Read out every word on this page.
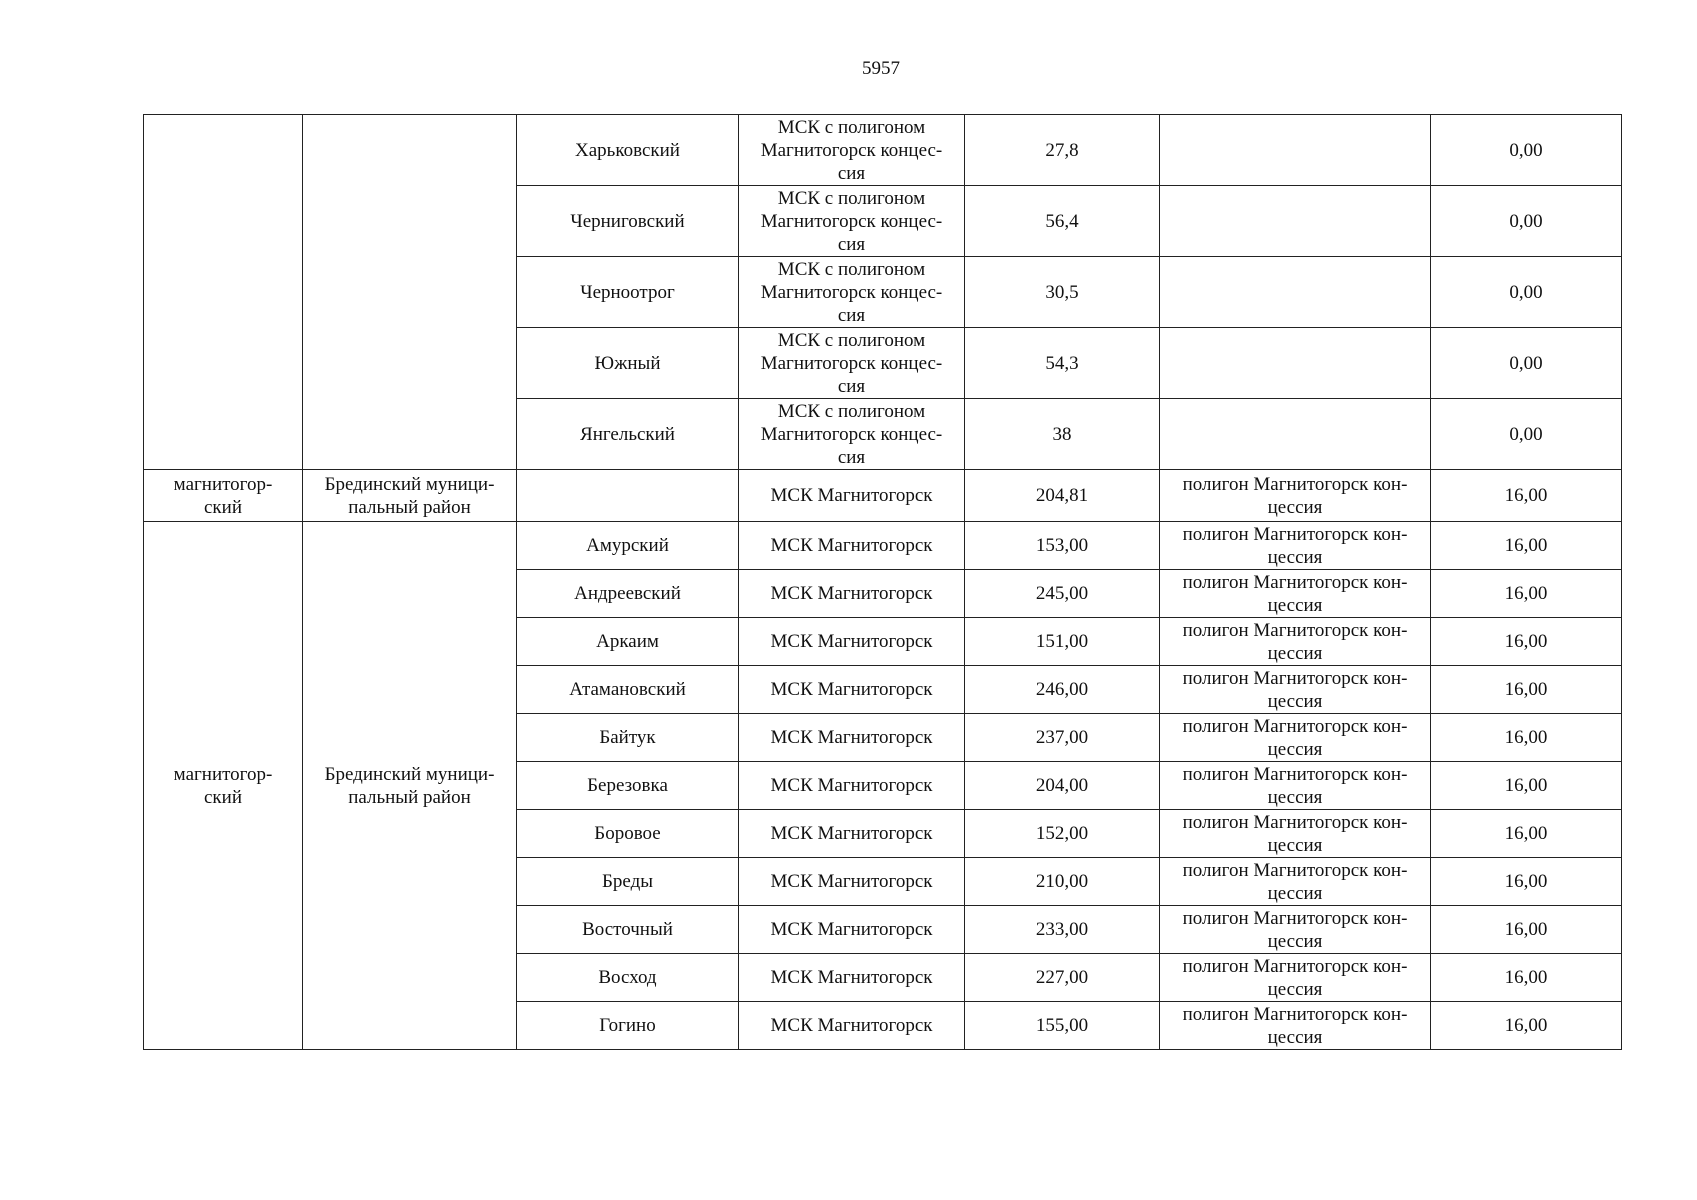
5957
		Харьковский	МСК с полигоном
Магнитогорск концес-
сия	27,8		0,00
		Черниговский	МСК с полигоном
Магнитогорск концес-
сия	56,4		0,00
		Черноотрог	МСК с полигоном
Магнитогорск концес-
сия	30,5		0,00
		Южный	МСК с полигоном
Магнитогорск концес-
сия	54,3		0,00
		Янгельский	МСК с полигоном
Магнитогорск концес-
сия	38		0,00

магнитогор-
ский	Брединский муници-
пальный район		МСК Магнитогорск	204,81	полигон Магнитогорск кон-
цессия	16,00

магнитогор-
ский	Брединский муници-
пальный район	Амурский	МСК Магнитогорск	153,00	полигон Магнитогорск кон-
цессия	16,00
		Андреевский	МСК Магнитогорск	245,00	полигон Магнитогорск кон-
цессия	16,00
		Аркаим	МСК Магнитогорск	151,00	полигон Магнитогорск кон-
цессия	16,00
		Атамановский	МСК Магнитогорск	246,00	полигон Магнитогорск кон-
цессия	16,00
		Байтук	МСК Магнитогорск	237,00	полигон Магнитогорск кон-
цессия	16,00
		Березовка	МСК Магнитогорск	204,00	полигон Магнитогорск кон-
цессия	16,00
		Боровое	МСК Магнитогорск	152,00	полигон Магнитогорск кон-
цессия	16,00
		Бреды	МСК Магнитогорск	210,00	полигон Магнитогорск кон-
цессия	16,00
		Восточный	МСК Магнитогорск	233,00	полигон Магнитогорск кон-
цессия	16,00
		Восход	МСК Магнитогорск	227,00	полигон Магнитогорск кон-
цессия	16,00
		Гогино	МСК Магнитогорск	155,00	полигон Магнитогорск кон-
цессия	16,00
